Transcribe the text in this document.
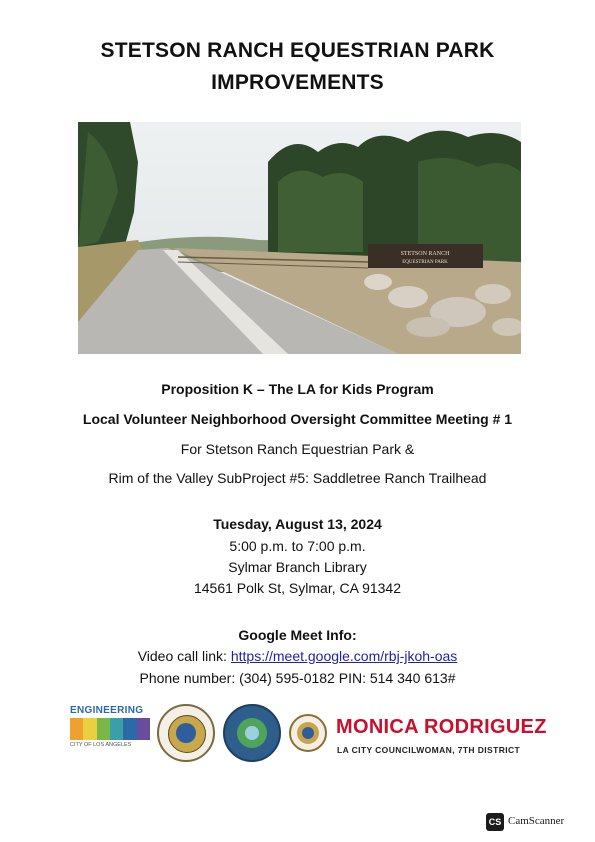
STETSON RANCH EQUESTRIAN PARK
IMPROVEMENTS
STETSON RANCH
EQUESTRIAN PARK
Proposition K – The LA for Kids Program
Local Volunteer Neighborhood Oversight Committee Meeting # 1
For Stetson Ranch Equestrian Park &
Rim of the Valley SubProject #5: Saddletree Ranch Trailhead
Tuesday, August 13, 2024
5:00 p.m. to 7:00 p.m.
Sylmar Branch Library
14561 Polk St, Sylmar, CA 91342
Google Meet Info:
Video call link: https://meet.google.com/rbj-jkoh-oas
Phone number: (304) 595-0182 PIN: 514 340 613#
ENGINEERING
CITY OF LOS ANGELES
MONICA RODRIGUEZ
LA CITY COUNCILWOMAN, 7TH DISTRICT
CS CamScanner
